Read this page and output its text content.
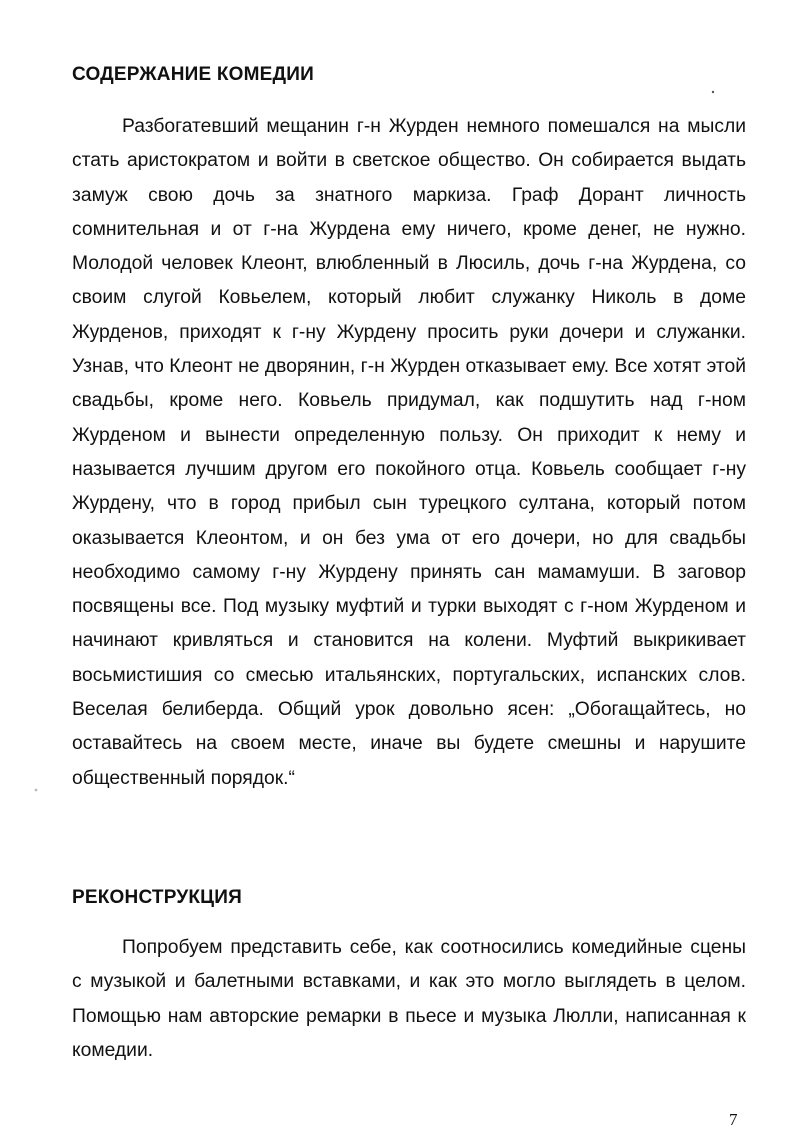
СОДЕРЖАНИЕ КОМЕДИИ

Разбогатевший мещанин г-н Журден немного помешался на мысли стать аристократом и войти в светское общество. Он собирается выдать замуж свою дочь за знатного маркиза. Граф Дорант личность сомнительная и от г-на Журдена ему ничего, кроме денег, не нужно. Молодой человек Клеонт, влюбленный в Люсиль, дочь г-на Журдена, со своим слугой Ковьелем, который любит служанку Николь в доме Журденов, приходят к г-ну Журдену просить руки дочери и служанки. Узнав, что Клеонт не дворянин, г-н Журден отказывает ему. Все хотят этой свадьбы, кроме него. Ковьель придумал, как подшутить над г-ном Журденом и вынести определенную пользу. Он приходит к нему и называется лучшим другом его покойного отца. Ковьель сообщает г-ну Журдену, что в город прибыл сын турецкого султана, который потом оказывается Клеонтом, и он без ума от его дочери, но для свадьбы необходимо самому г-ну Журдену принять сан мамамуши. В заговор посвящены все. Под музыку муфтий и турки выходят с г-ном Журденом и начинают кривляться и становится на колени. Муфтий выкрикивает восьмистишия со смесью итальянских, португальских, испанских слов. Веселая белиберда. Общий урок довольно ясен: „Обогащайтесь, но оставайтесь на своем месте, иначе вы будете смешны и нарушите общественный порядок.“

РЕКОНСТРУКЦИЯ

Попробуем представить себе, как соотносились комедийные сцены с музыкой и балетными вставками, и как это могло выглядеть в целом. Помощью нам авторские ремарки в пьесе и музыка Люлли, написанная к комедии.

7
